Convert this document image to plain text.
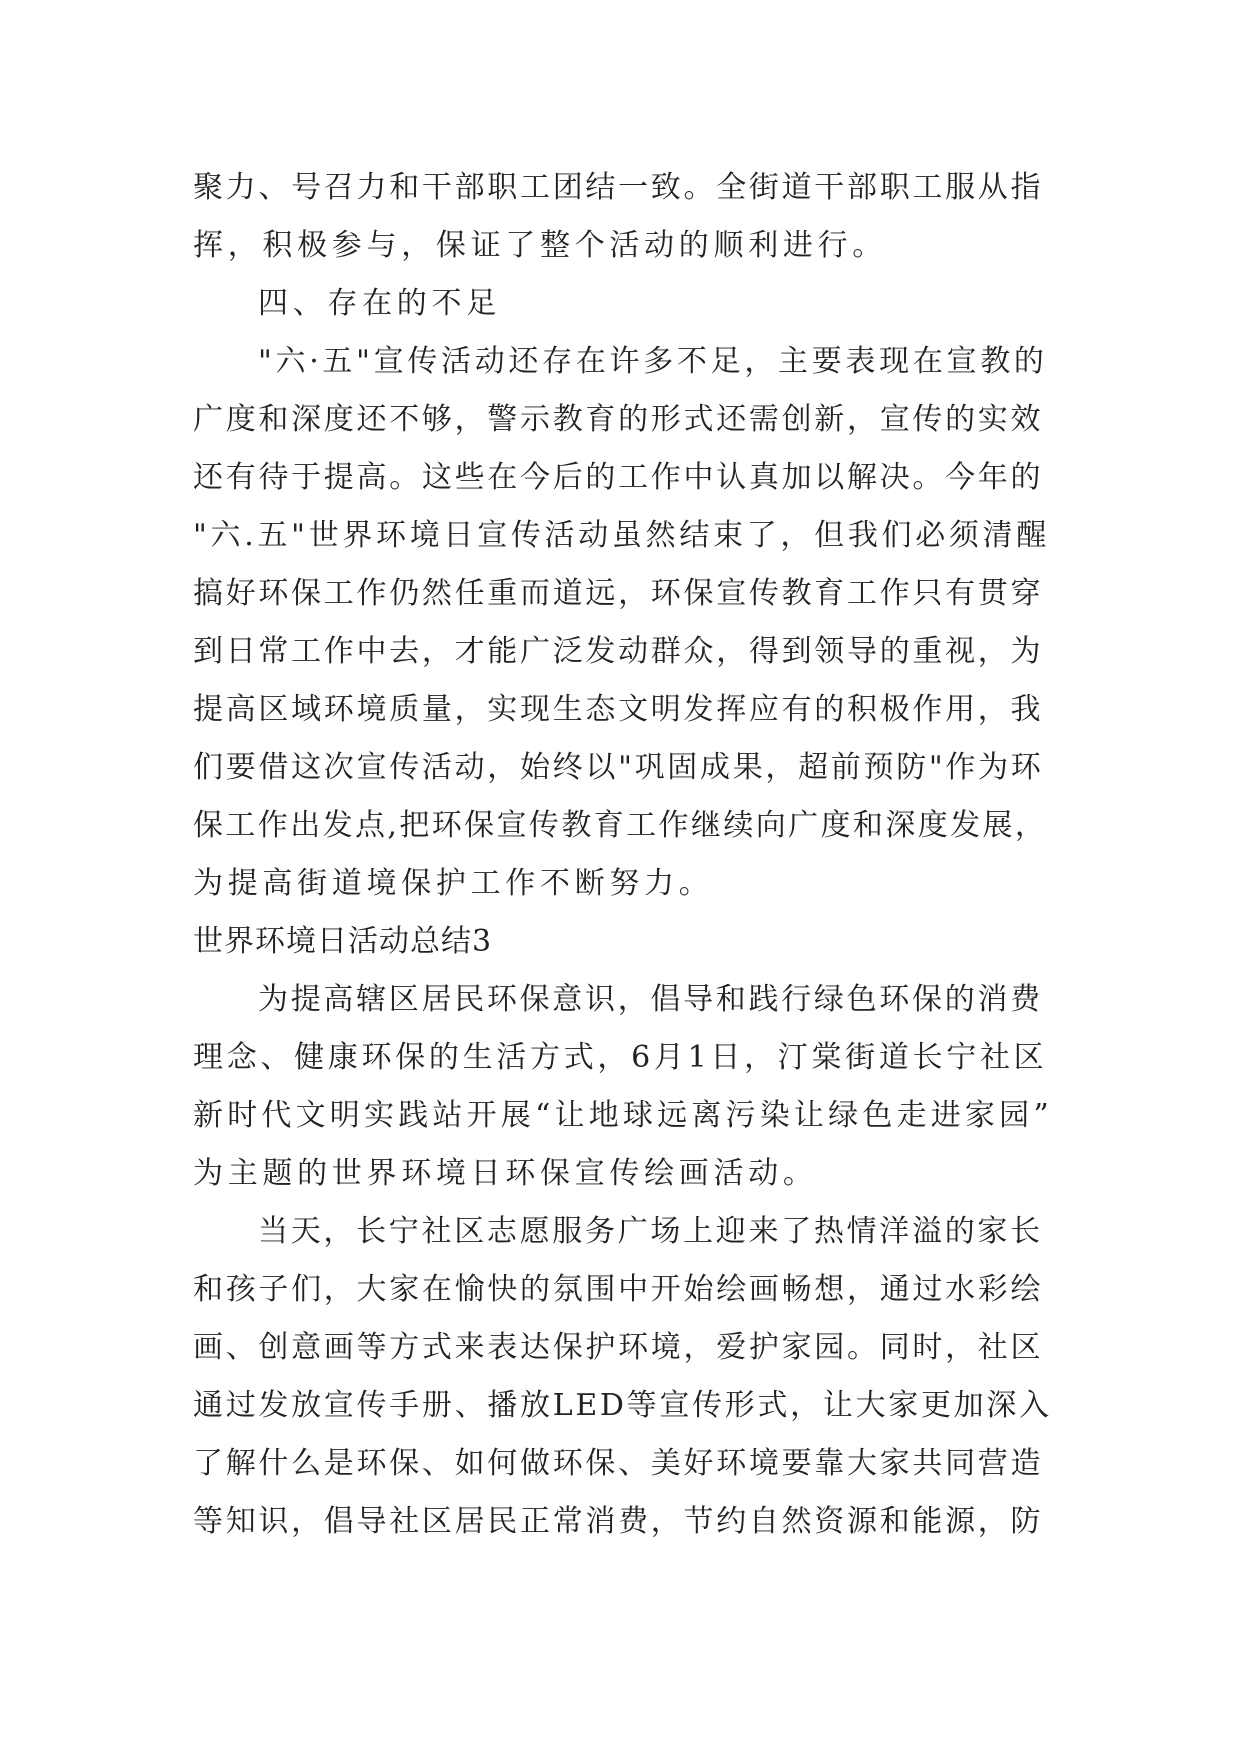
聚力、号召力和干部职工团结一致。全街道干部职工服从指
挥，积极参与，保证了整个活动的顺利进行。
四、存在的不足
"六·五"宣传活动还存在许多不足，主要表现在宣教的
广度和深度还不够，警示教育的形式还需创新，宣传的实效
还有待于提高。这些在今后的工作中认真加以解决。今年的
"六.五"世界环境日宣传活动虽然结束了，但我们必须清醒
搞好环保工作仍然任重而道远，环保宣传教育工作只有贯穿
到日常工作中去，才能广泛发动群众，得到领导的重视，为
提高区域环境质量，实现生态文明发挥应有的积极作用，我
们要借这次宣传活动，始终以"巩固成果，超前预防"作为环
保工作出发点,把环保宣传教育工作继续向广度和深度发展，
为提高街道境保护工作不断努力。
世界环境日活动总结3
为提高辖区居民环保意识，倡导和践行绿色环保的消费
理念、健康环保的生活方式，6月1日，汀棠街道长宁社区
新时代文明实践站开展“让地球远离污染让绿色走进家园”
为主题的世界环境日环保宣传绘画活动。
当天，长宁社区志愿服务广场上迎来了热情洋溢的家长
和孩子们，大家在愉快的氛围中开始绘画畅想，通过水彩绘
画、创意画等方式来表达保护环境，爱护家园。同时，社区
通过发放宣传手册、播放LED等宣传形式，让大家更加深入
了解什么是环保、如何做环保、美好环境要靠大家共同营造
等知识，倡导社区居民正常消费，节约自然资源和能源，防
